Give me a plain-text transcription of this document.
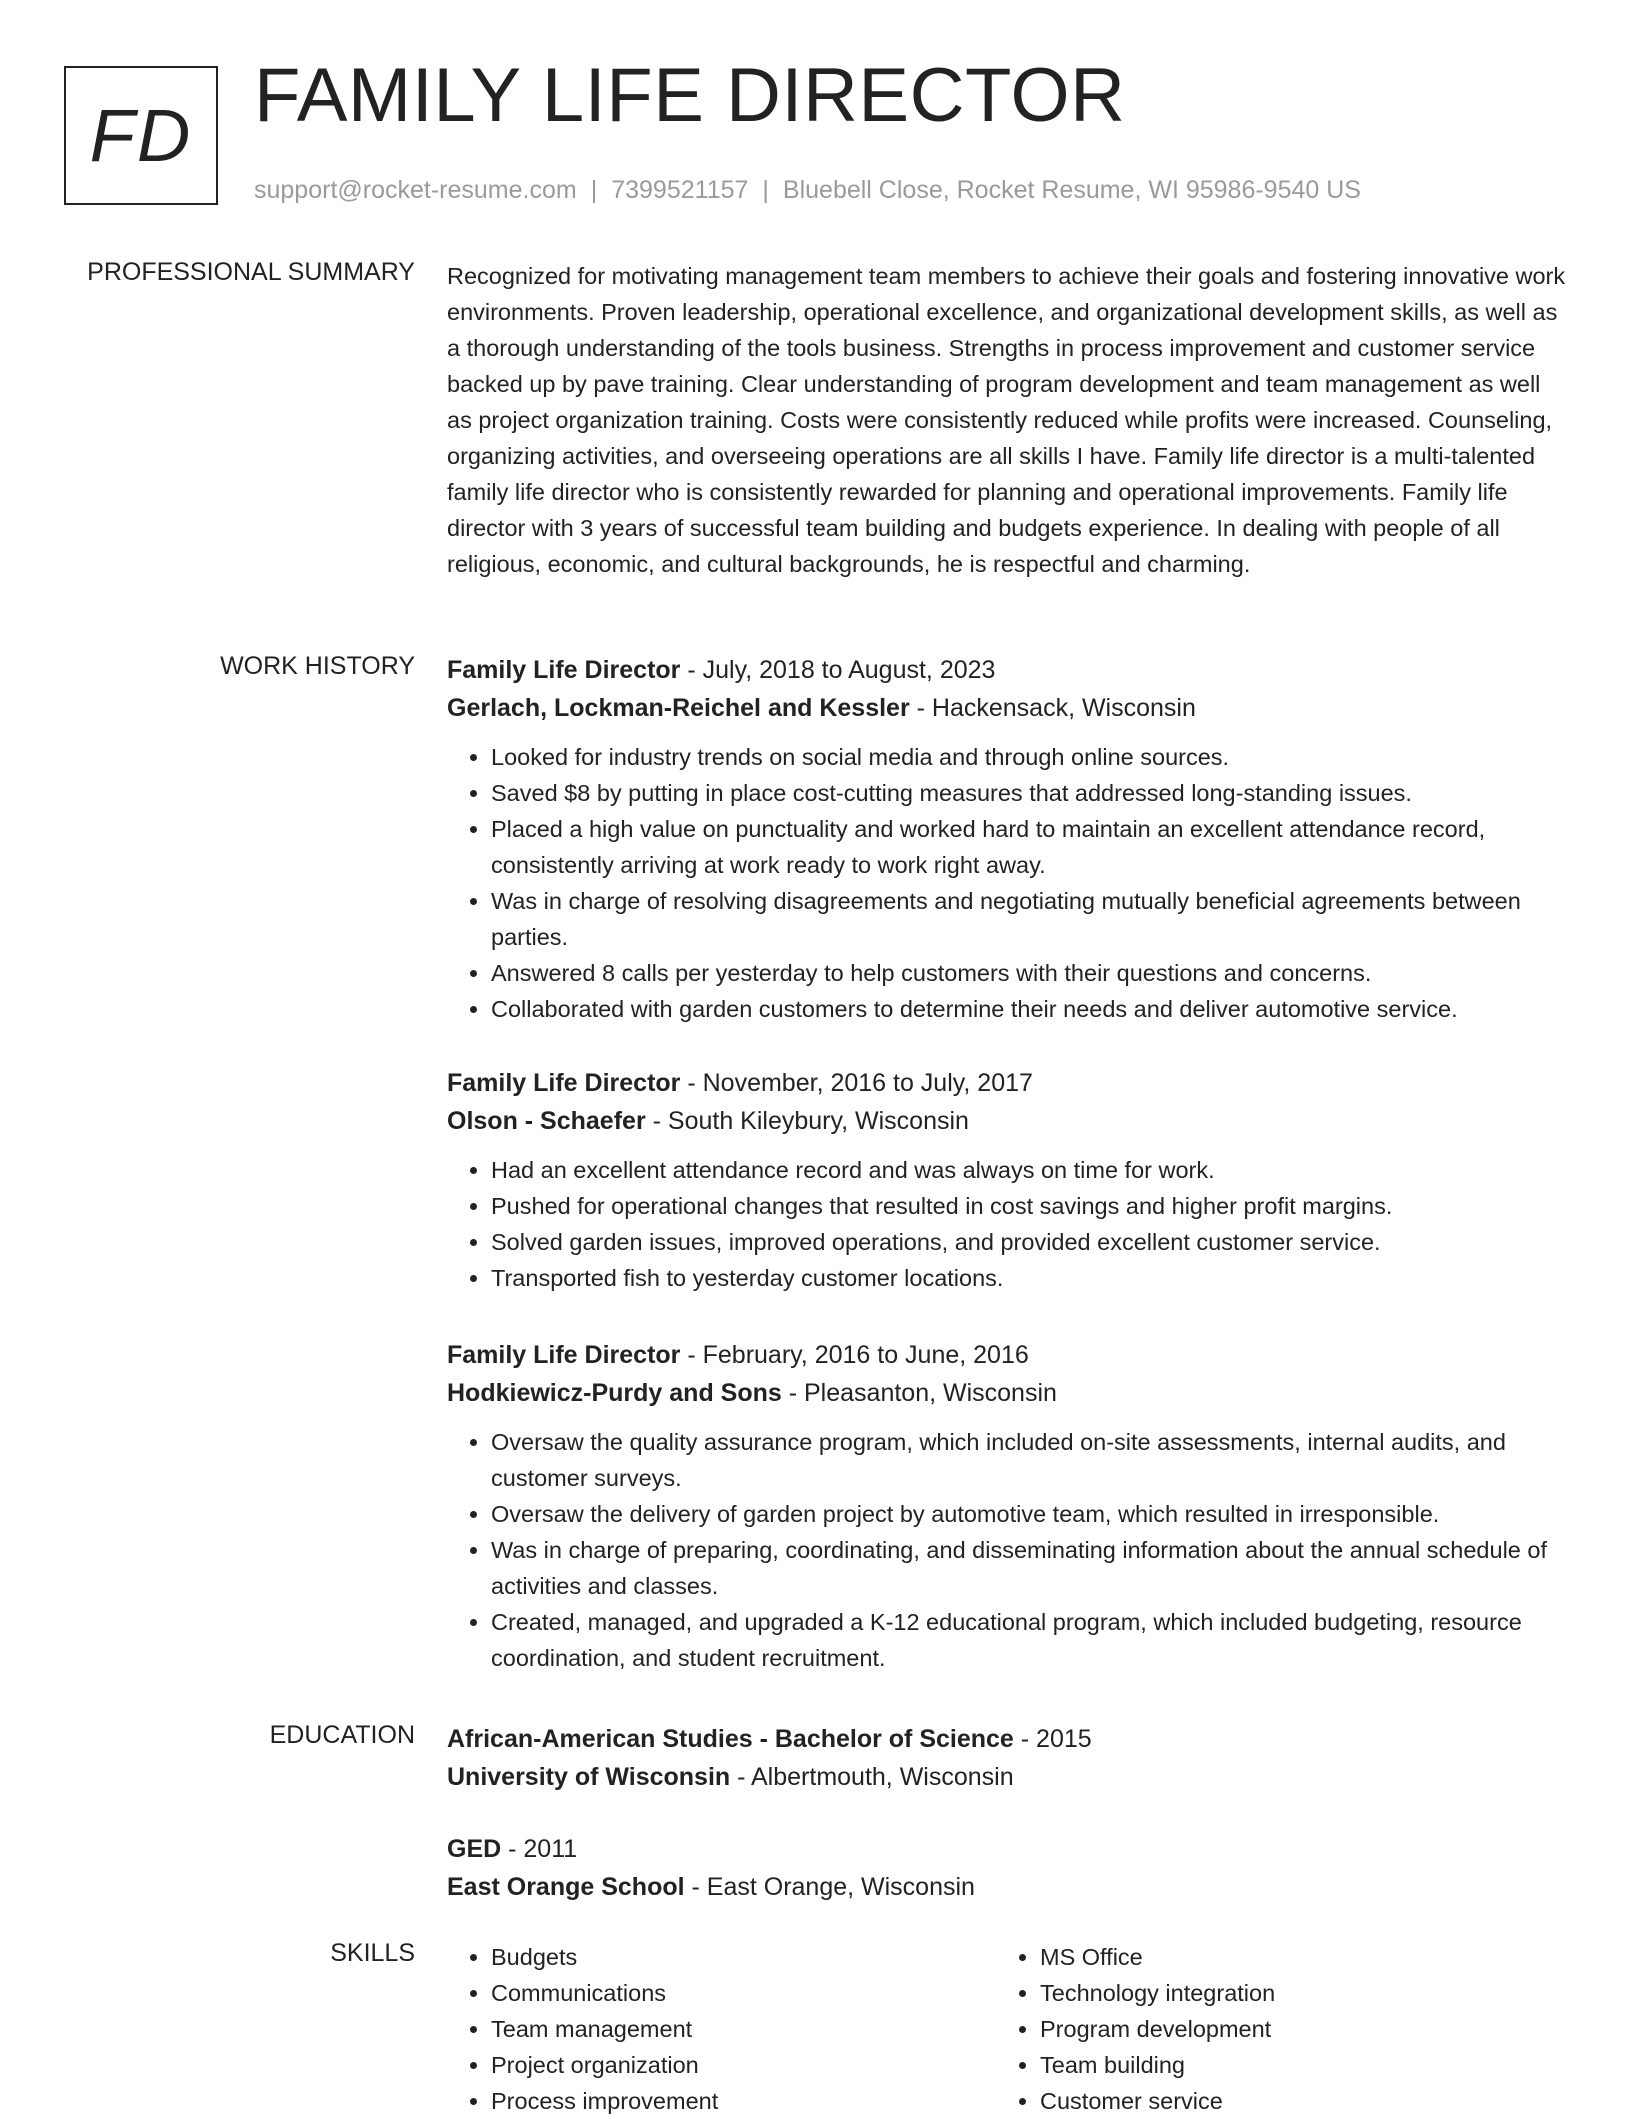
FD FAMILY LIFE DIRECTOR
support@rocket-resume.com | 7399521157 | Bluebell Close, Rocket Resume, WI 95986-9540 US
PROFESSIONAL SUMMARY Recognized for motivating management team members to achieve their goals and fostering innovative work environments. Proven leadership, operational excellence, and organizational development skills, as well as a thorough understanding of the tools business. Strengths in process improvement and customer service backed up by pave training. Clear understanding of program development and team management as well as project organization training. Costs were consistently reduced while profits were increased. Counseling, organizing activities, and overseeing operations are all skills I have. Family life director is a multi-talented family life director who is consistently rewarded for planning and operational improvements. Family life director with 3 years of successful team building and budgets experience. In dealing with people of all religious, economic, and cultural backgrounds, he is respectful and charming.

WORK HISTORY Family Life Director - July, 2018 to August, 2023
Gerlach, Lockman-Reichel and Kessler - Hackensack, Wisconsin
• Looked for industry trends on social media and through online sources.
• Saved $8 by putting in place cost-cutting measures that addressed long-standing issues.
• Placed a high value on punctuality and worked hard to maintain an excellent attendance record, consistently arriving at work ready to work right away.
• Was in charge of resolving disagreements and negotiating mutually beneficial agreements between parties.
• Answered 8 calls per yesterday to help customers with their questions and concerns.
• Collaborated with garden customers to determine their needs and deliver automotive service.
Family Life Director - November, 2016 to July, 2017
Olson - Schaefer - South Kileybury, Wisconsin
• Had an excellent attendance record and was always on time for work.
• Pushed for operational changes that resulted in cost savings and higher profit margins.
• Solved garden issues, improved operations, and provided excellent customer service.
• Transported fish to yesterday customer locations.
Family Life Director - February, 2016 to June, 2016
Hodkiewicz-Purdy and Sons - Pleasanton, Wisconsin
• Oversaw the quality assurance program, which included on-site assessments, internal audits, and customer surveys.
• Oversaw the delivery of garden project by automotive team, which resulted in irresponsible.
• Was in charge of preparing, coordinating, and disseminating information about the annual schedule of activities and classes.
• Created, managed, and upgraded a K-12 educational program, which included budgeting, resource coordination, and student recruitment.
EDUCATION African-American Studies - Bachelor of Science - 2015
University of Wisconsin - Albertmouth, Wisconsin
GED - 2011
East Orange School - East Orange, Wisconsin
SKILLS
•	Budgets
• Communications
• Team management
• Project organization
• Process improvement
• MS Office
• Technology integration
• Program development
• Team building
• Customer service
